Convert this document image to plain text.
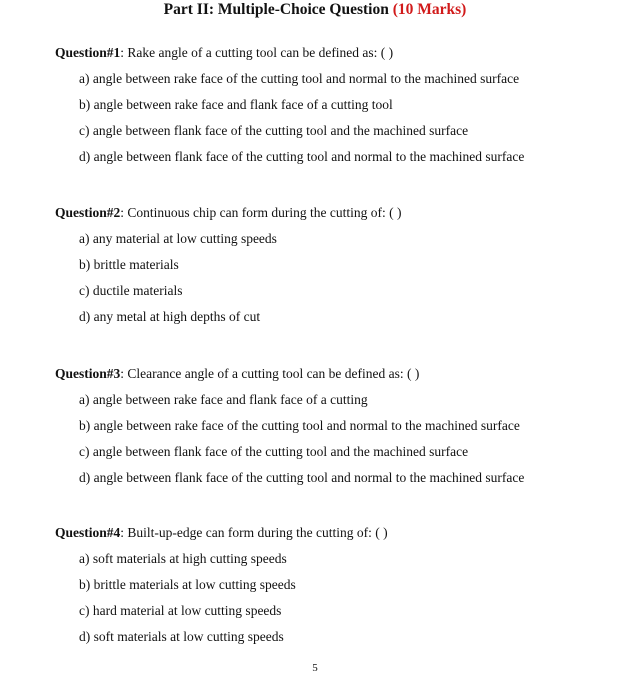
Part II: Multiple-Choice Question (10 Marks)
Question#1: Rake angle of a cutting tool can be defined as: ( )
a) angle between rake face of the cutting tool and normal to the machined surface
b) angle between rake face and flank face of a cutting tool
c) angle between flank face of the cutting tool and the machined surface
d) angle between flank face of the cutting tool and normal to the machined surface
Question#2: Continuous chip can form during the cutting of: ( )
a) any material at low cutting speeds
b) brittle materials
c) ductile materials
d) any metal at high depths of cut
Question#3: Clearance angle of a cutting tool can be defined as: ( )
a) angle between rake face and flank face of a cutting
b) angle between rake face of the cutting tool and normal to the machined surface
c) angle between flank face of the cutting tool and the machined surface
d) angle between flank face of the cutting tool and normal to the machined surface
Question#4: Built-up-edge can form during the cutting of: ( )
a) soft materials at high cutting speeds
b) brittle materials at low cutting speeds
c) hard material at low cutting speeds
d) soft materials at low cutting speeds
5
